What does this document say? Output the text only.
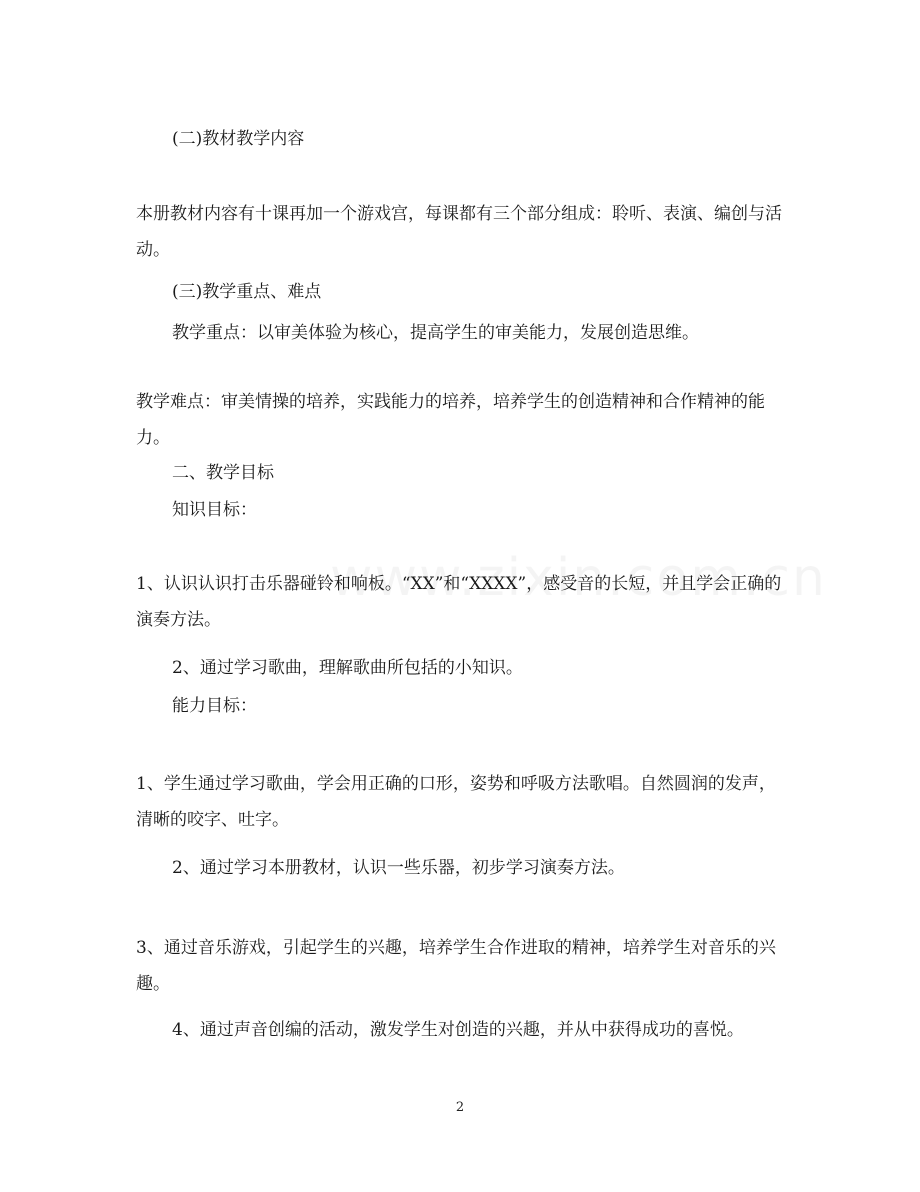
(二)教材教学内容

本册教材内容有十课再加一个游戏宫，每课都有三个部分组成：聆听、表演、编创与活动。

(三)教学重点、难点

教学重点：以审美体验为核心，提高学生的审美能力，发展创造思维。

教学难点：审美情操的培养，实践能力的培养，培养学生的创造精神和合作精神的能力。

二、教学目标

知识目标：

1、认识认识打击乐器碰铃和响板。“XX”和“XXXX”，感受音的长短，并且学会正确的演奏方法。

2、通过学习歌曲，理解歌曲所包括的小知识。

能力目标：

1、学生通过学习歌曲，学会用正确的口形，姿势和呼吸方法歌唱。自然圆润的发声，清晰的咬字、吐字。

2、通过学习本册教材，认识一些乐器，初步学习演奏方法。

3、通过音乐游戏，引起学生的兴趣，培养学生合作进取的精神，培养学生对音乐的兴趣。

4、通过声音创编的活动，激发学生对创造的兴趣，并从中获得成功的喜悦。

2
